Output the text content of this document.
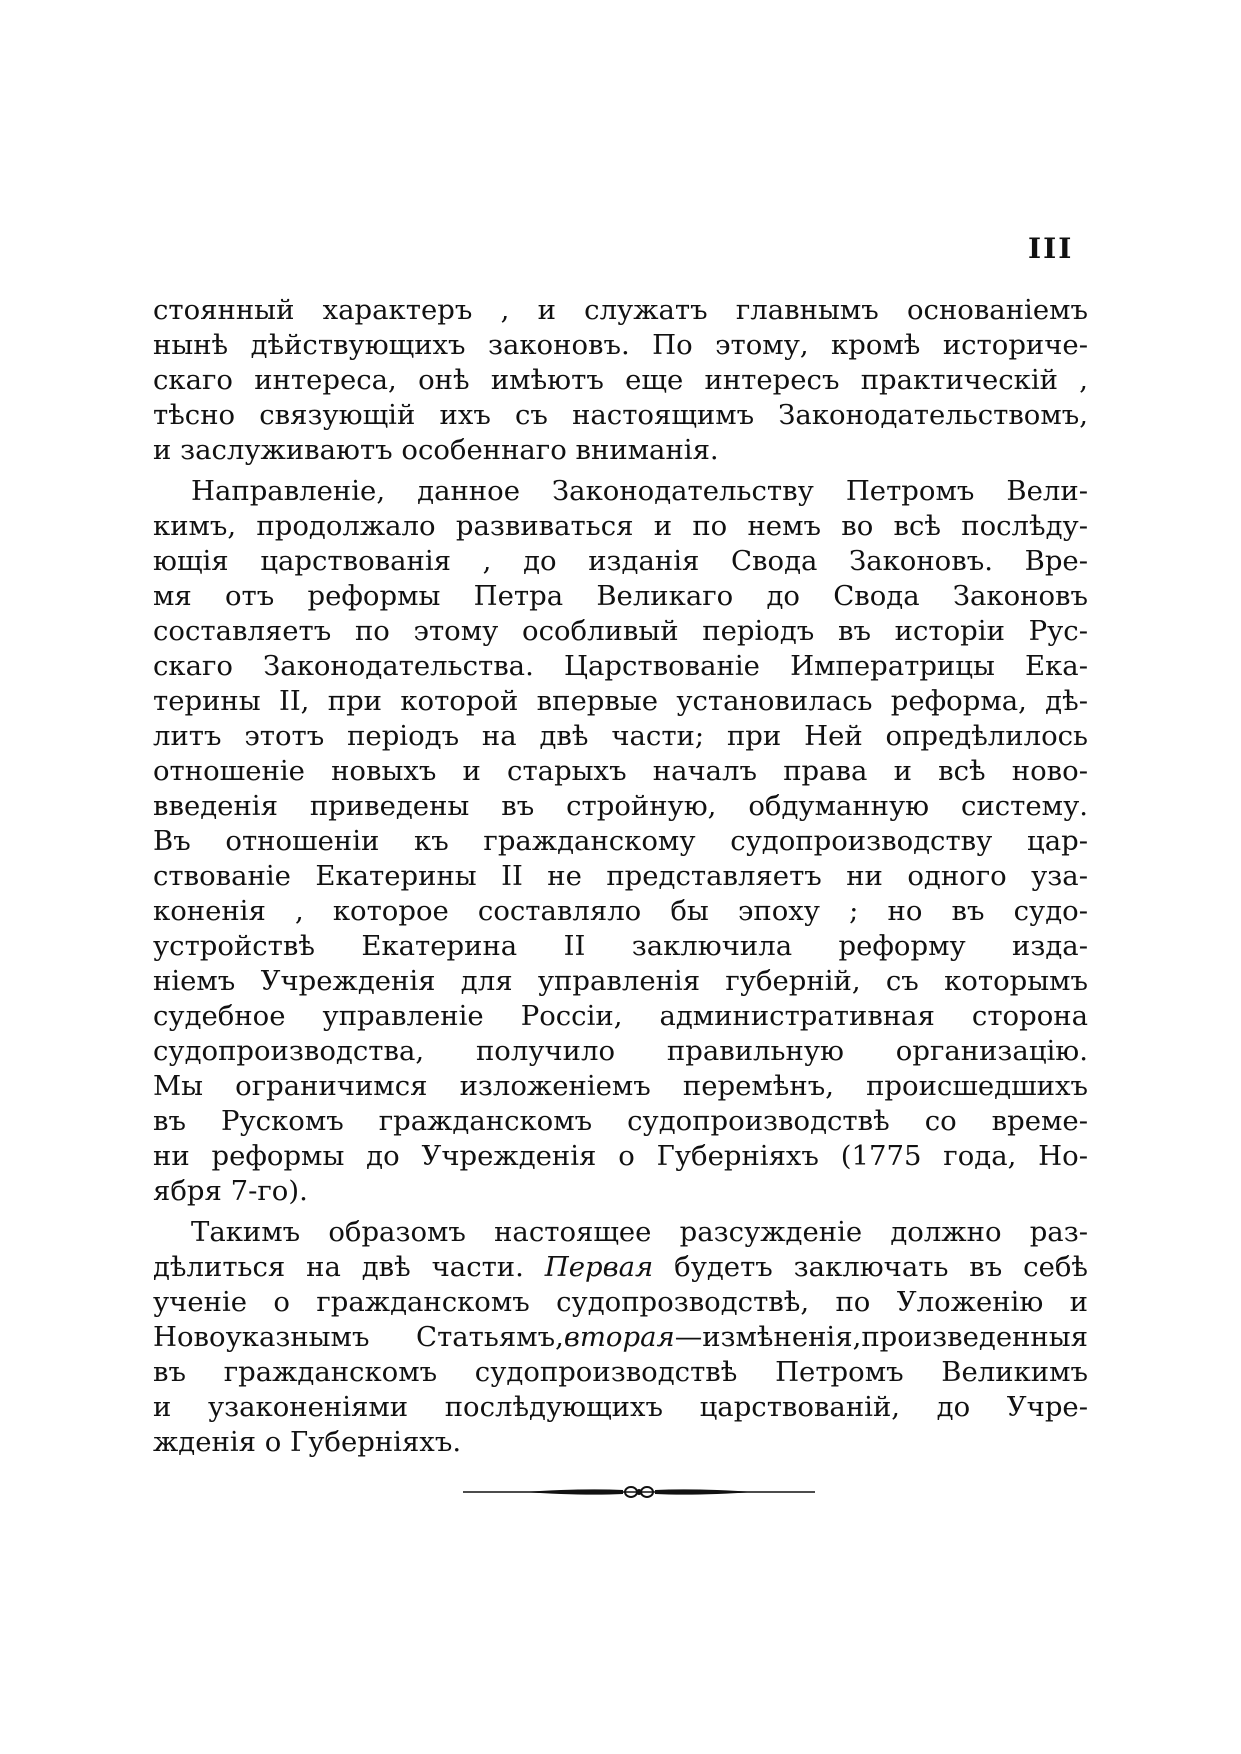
III
стоянный характеръ , и служатъ главнымъ основаніемъ
нынѣ дѣйствующихъ законовъ. По этому, кромѣ историче-
скаго интереса, онѣ имѣютъ еще интересъ практическій ,
тѣсно связующій ихъ съ настоящимъ Законодательствомъ,
и заслуживаютъ особеннаго вниманія.
Направленіе, данное Законодательству Петромъ Вели-
кимъ, продолжало развиваться и по немъ во всѣ послѣду-
ющія царствованія , до изданія Свода Законовъ. Вре-
мя отъ реформы Петра Великаго до Свода Законовъ
составляетъ по этому особливый періодъ въ исторіи Рус-
скаго Законодательства. Царствованіе Императрицы Ека-
терины II, при которой впервые установилась реформа, дѣ-
литъ этотъ періодъ на двѣ части; при Ней опредѣлилось
отношеніе новыхъ и старыхъ началъ права и всѣ ново-
введенія приведены въ стройную, обдуманную систему.
Въ отношеніи къ гражданскому судопроизводству цар-
ствованіе Екатерины II не представляетъ ни одного уза-
коненія , которое составляло бы эпоху ; но въ судо-
устройствѣ Екатерина II заключила реформу изда-
ніемъ Учрежденія для управленія губерній, съ которымъ
судебное управленіе Россіи, административная сторона
судопроизводства, получило правильную организацію.
Мы ограничимся изложеніемъ перемѣнъ, происшедшихъ
въ Рускомъ гражданскомъ судопроизводствѣ со време-
ни реформы до Учрежденія о Губерніяхъ (1775 года, Но-
ября 7-го).
Такимъ образомъ настоящее разсужденіе должно раз-
дѣлиться на двѣ части. Первая будетъ заключать въ себѣ
ученіе о гражданскомъ судопрозводствѣ, по Уложенію и
Новоуказнымъ Статьямъ,вторая—измѣненія,произведенныя
въ гражданскомъ судопроизводствѣ Петромъ Великимъ
и узаконеніями послѣдующихъ царствованій, до Учре-
жденія о Губерніяхъ.
